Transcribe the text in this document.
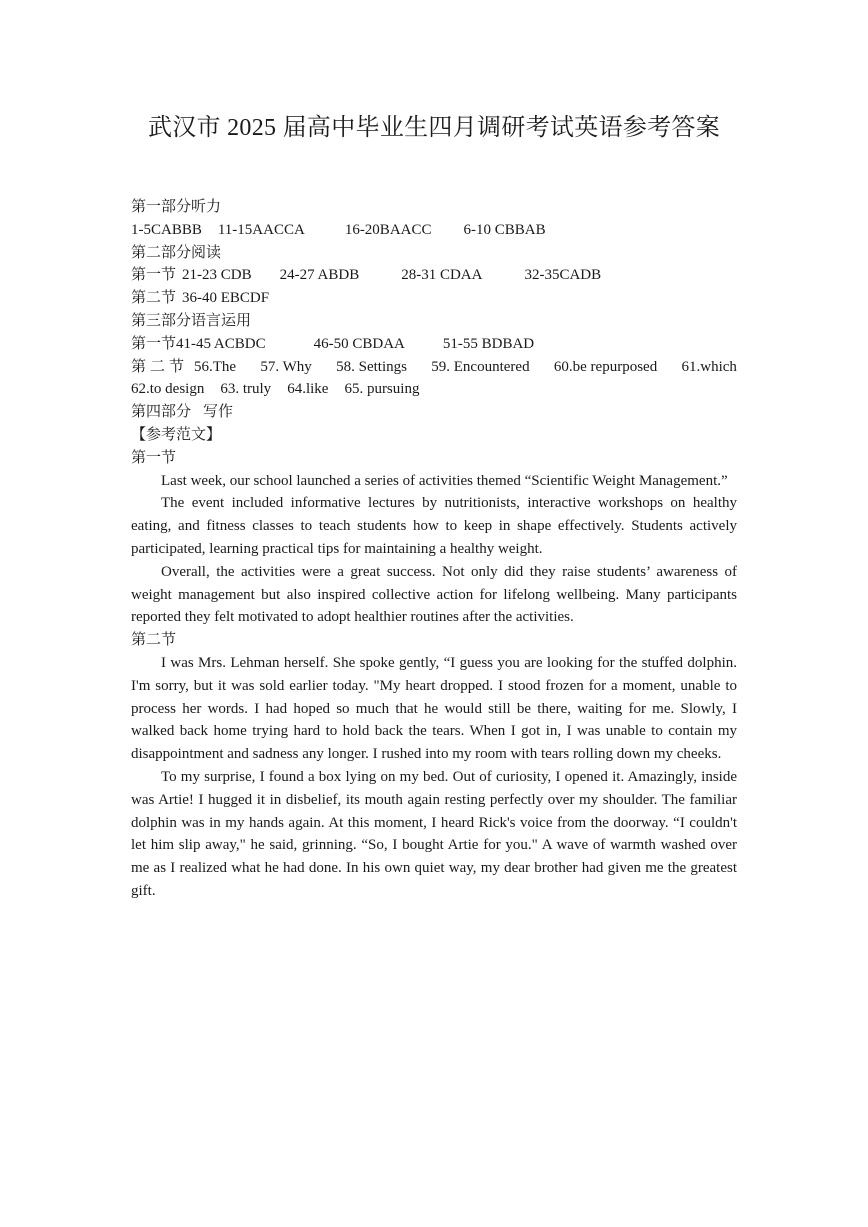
武汉市 2025 届高中毕业生四月调研考试英语参考答案
第一部分听力
1-5CABBB 11-15AACCA	16-20BAACC 6-10 CBBAB
第二部分阅读
第一节 21-23 CDB 24-27 ABDB	28-31 CDAA	32-35CADB
第二节 36-40 EBCDF
第三部分语言运用
第一节41-45 ACBDC	46-50 CBDAA	51-55 BDBAD
第二节 56.The 57. Why 58. Settings 59. Encountered 60.be repurposed 61.which
62.to design 63. truly 64.like 65. pursuing
第四部分 写作
【参考范文】
第一节

Last week, our school launched a series of activities themed “Scientific Weight Management.”

The event included informative lectures by nutritionists, interactive workshops on healthy eating, and fitness classes to teach students how to keep in shape effectively. Students actively participated, learning practical tips for maintaining a healthy weight.

Overall, the activities were a great success. Not only did they raise students’ awareness of weight management but also inspired collective action for lifelong wellbeing. Many participants reported they felt motivated to adopt healthier routines after the activities.

第二节

I was Mrs. Lehman herself. She spoke gently, “I guess you are looking for the stuffed dolphin. I'm sorry, but it was sold earlier today. "My heart dropped. I stood frozen for a moment, unable to process her words. I had hoped so much that he would still be there, waiting for me. Slowly, I walked back home trying hard to hold back the tears. When I got in, I was unable to contain my disappointment and sadness any longer. I rushed into my room with tears rolling down my cheeks.

To my surprise, I found a box lying on my bed. Out of curiosity, I opened it. Amazingly, inside was Artie! I hugged it in disbelief, its mouth again resting perfectly over my shoulder. The familiar dolphin was in my hands again. At this moment, I heard Rick's voice from the doorway. “I couldn't let him slip away," he said, grinning. “So, I bought Artie for you." A wave of warmth washed over me as I realized what he had done. In his own quiet way, my dear brother had given me the greatest gift.
